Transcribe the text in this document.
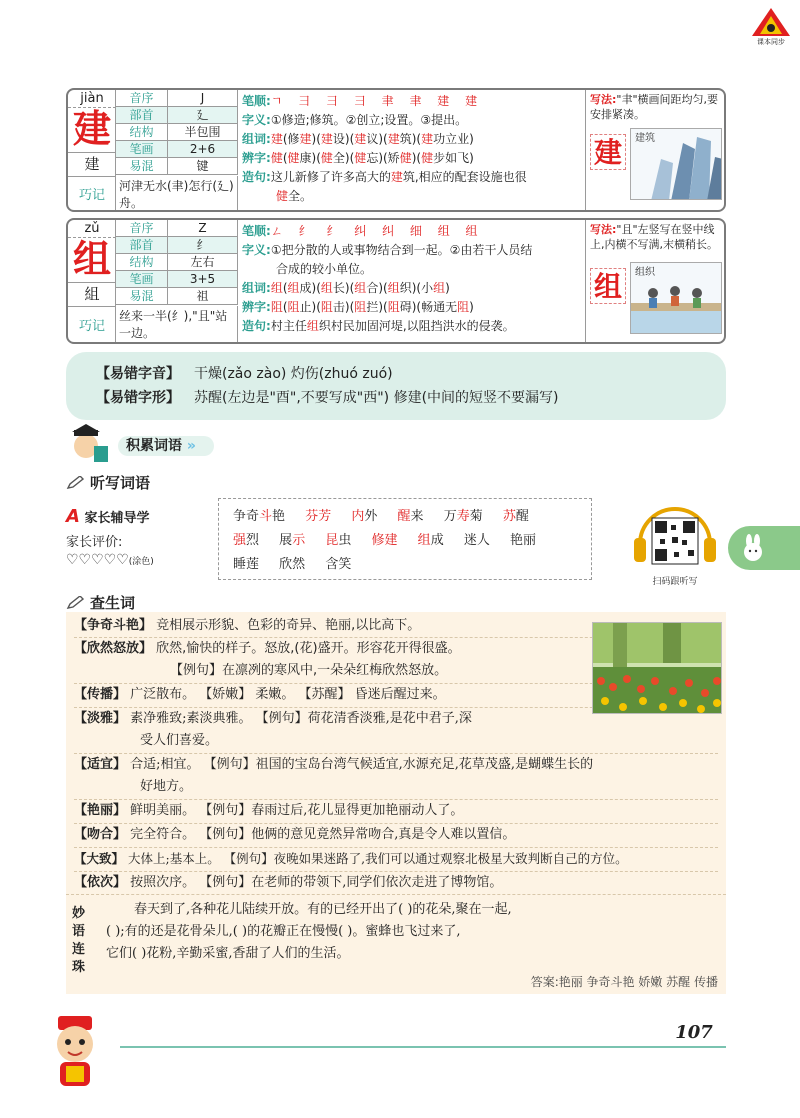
课本同步
jiàn
建
建
巧记
音序	J
部首	廴
结构	半包围
笔画	2+6
易混	键
河津无水(聿)怎行(廴)舟。
笔顺:ㄱ ⺕ ⺕ ⺕ 聿 聿 建 建
字义:①修造;修筑。②创立;设置。③提出。
组词:建(修建)(建设)(建议)(建筑)(建功立业)
辨字:健(健康)(健全)(健忘)(矫健)(健步如飞)
造句:这儿新修了许多高大的建筑,相应的配套设施也很
健全。
写法:"聿"横画间距均匀,要安排紧凑。
建	建筑
zǔ
组
組
巧记
音序	Z
部首	纟
结构	左右
笔画	3+5
易混	祖
丝来一半(纟),"且"站一边。
笔顺:ㄥ 纟 纟 纠 纠 细 组 组
字义:①把分散的人或事物结合到一起。②由若干人员结
合成的较小单位。
组词:组(组成)(组长)(组合)(组织)(小组)
辨字:阻(阻止)(阻击)(阻拦)(阻碍)(畅通无阻)
造句:村主任组织村民加固河堤,以阻挡洪水的侵袭。
写法:"且"左竖写在竖中线上,内横不写满,末横稍长。
组	组织
【易错字音】 干燥(zǎo zào) 灼伤(zhuó zuó)
【易错字形】 苏醒(左边是"酉",不要写成"西") 修建(中间的短竖不要漏写)
积累词语 »
听写词语
A 家长辅导学
家长评价:
♡♡♡♡♡(涂色)
争奇斗艳 芬芳 内外 醒来 万寿菊 苏醒
强烈 展示 昆虫 修建 组成 迷人 艳丽
睡莲 欣然 含笑
扫码跟听写
查生词
【争奇斗艳】 竞相展示形貌、色彩的奇异、艳丽,以比高下。
【欣然怒放】 欣然,愉快的样子。怒放,(花)盛开。形容花开得很盛。
【例句】在凛冽的寒风中,一朵朵红梅欣然怒放。
【传播】 广泛散布。 【娇嫩】 柔嫩。 【苏醒】 昏迷后醒过来。
【淡雅】 素净雅致;素淡典雅。 【例句】荷花清香淡雅,是花中君子,深
受人们喜爱。
【适宜】 合适;相宜。 【例句】祖国的宝岛台湾气候适宜,水源充足,花草茂盛,是蝴蝶生长的
好地方。
【艳丽】 鲜明美丽。 【例句】春雨过后,花儿显得更加艳丽动人了。
【吻合】 完全符合。 【例句】他俩的意见竟然异常吻合,真是令人难以置信。
【大致】 大体上;基本上。 【例句】夜晚如果迷路了,我们可以通过观察北极星大致判断自己的方位。
【依次】 按照次序。 【例句】在老师的带领下,同学们依次走进了博物馆。
妙语连珠
春天到了,各种花儿陆续开放。有的已经开出了( )的花朵,聚在一起,
( );有的还是花骨朵儿,( )的花瓣正在慢慢( )。蜜蜂也飞过来了,
它们( )花粉,辛勤采蜜,香甜了人们的生活。
答案:艳丽 争奇斗艳 娇嫩 苏醒 传播
107
